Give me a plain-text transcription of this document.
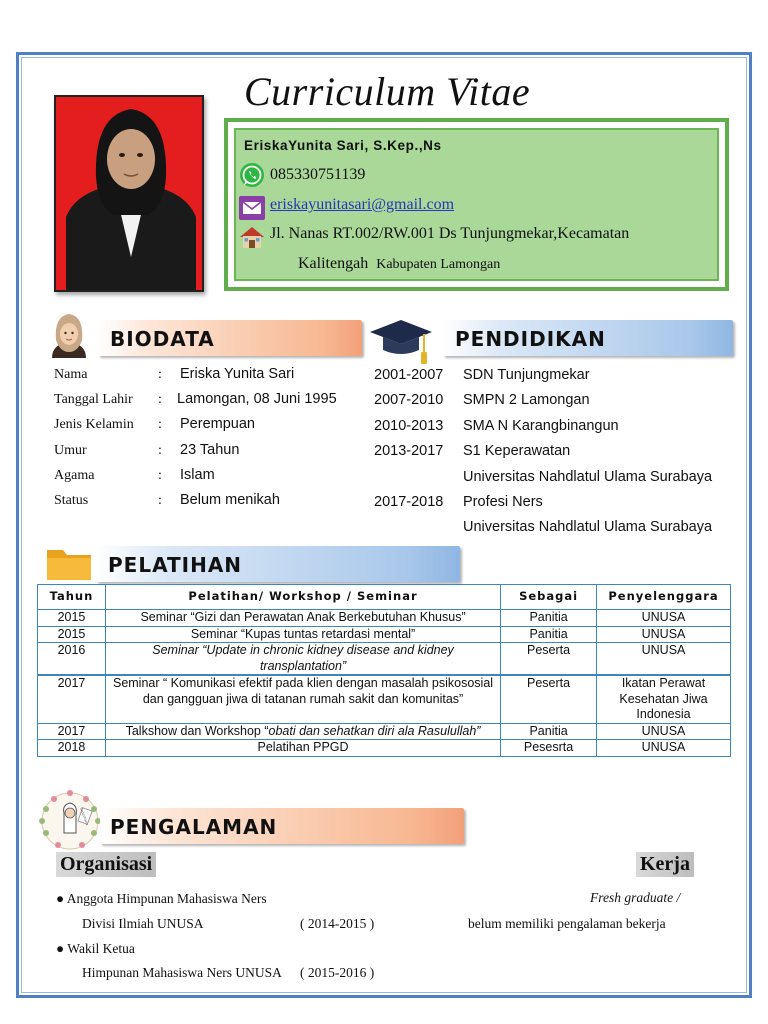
Curriculum Vitae
EriskaYunita Sari, S.Kep.,Ns
085330751139
eriskayunitasari@gmail.com
Jl. Nanas RT.002/RW.001 Ds Tunjungmekar,Kecamatan
Kalitengah Kabupaten Lamongan
BIODATA	PENDIDIKAN
Nama	: Eriska Yunita Sari
Tanggal Lahir : Lamongan, 08 Juni 1995
Jenis Kelamin : Perempuan
Umur	: 23 Tahun
Agama	: Islam
Status	: Belum menikah
2001-2007 SDN Tunjungmekar
2007-2010 SMPN 2 Lamongan
2010-2013 SMA N Karangbinangun
2013-2017 S1 Keperawatan
Universitas Nahdlatul Ulama Surabaya
2017-2018 Profesi Ners
Universitas Nahdlatul Ulama Surabaya
PELATIHAN
Tahun	Pelatihan/ Workshop / Seminar	Sebagai	Penyelenggara
2015	Seminar “Gizi dan Perawatan Anak Berkebutuhan Khusus”	Panitia	UNUSA
2015	Seminar “Kupas tuntas retardasi mental”	Panitia	UNUSA
2016	Seminar “Update in chronic kidney disease and kidney transplantation”	Peserta	UNUSA
2017	Seminar “ Komunikasi efektif pada klien dengan masalah psikososial dan gangguan jiwa di tatanan rumah sakit dan komunitas”	Peserta	Ikatan Perawat Kesehatan Jiwa Indonesia
2017	Talkshow dan Workshop “obati dan sehatkan diri ala Rasulullah”	Panitia	UNUSA
2018	Pelatihan PPGD	Pesesrta	UNUSA
Sederhana PENGALAMAN
Organisasi	Kerja
● Anggota Himpunan Mahasiswa Ners
Divisi Ilmiah UNUSA	( 2014-2015 )
● Wakil Ketua
Himpunan Mahasiswa Ners UNUSA ( 2015-2016 )
Fresh graduate /
belum memiliki pengalaman bekerja
